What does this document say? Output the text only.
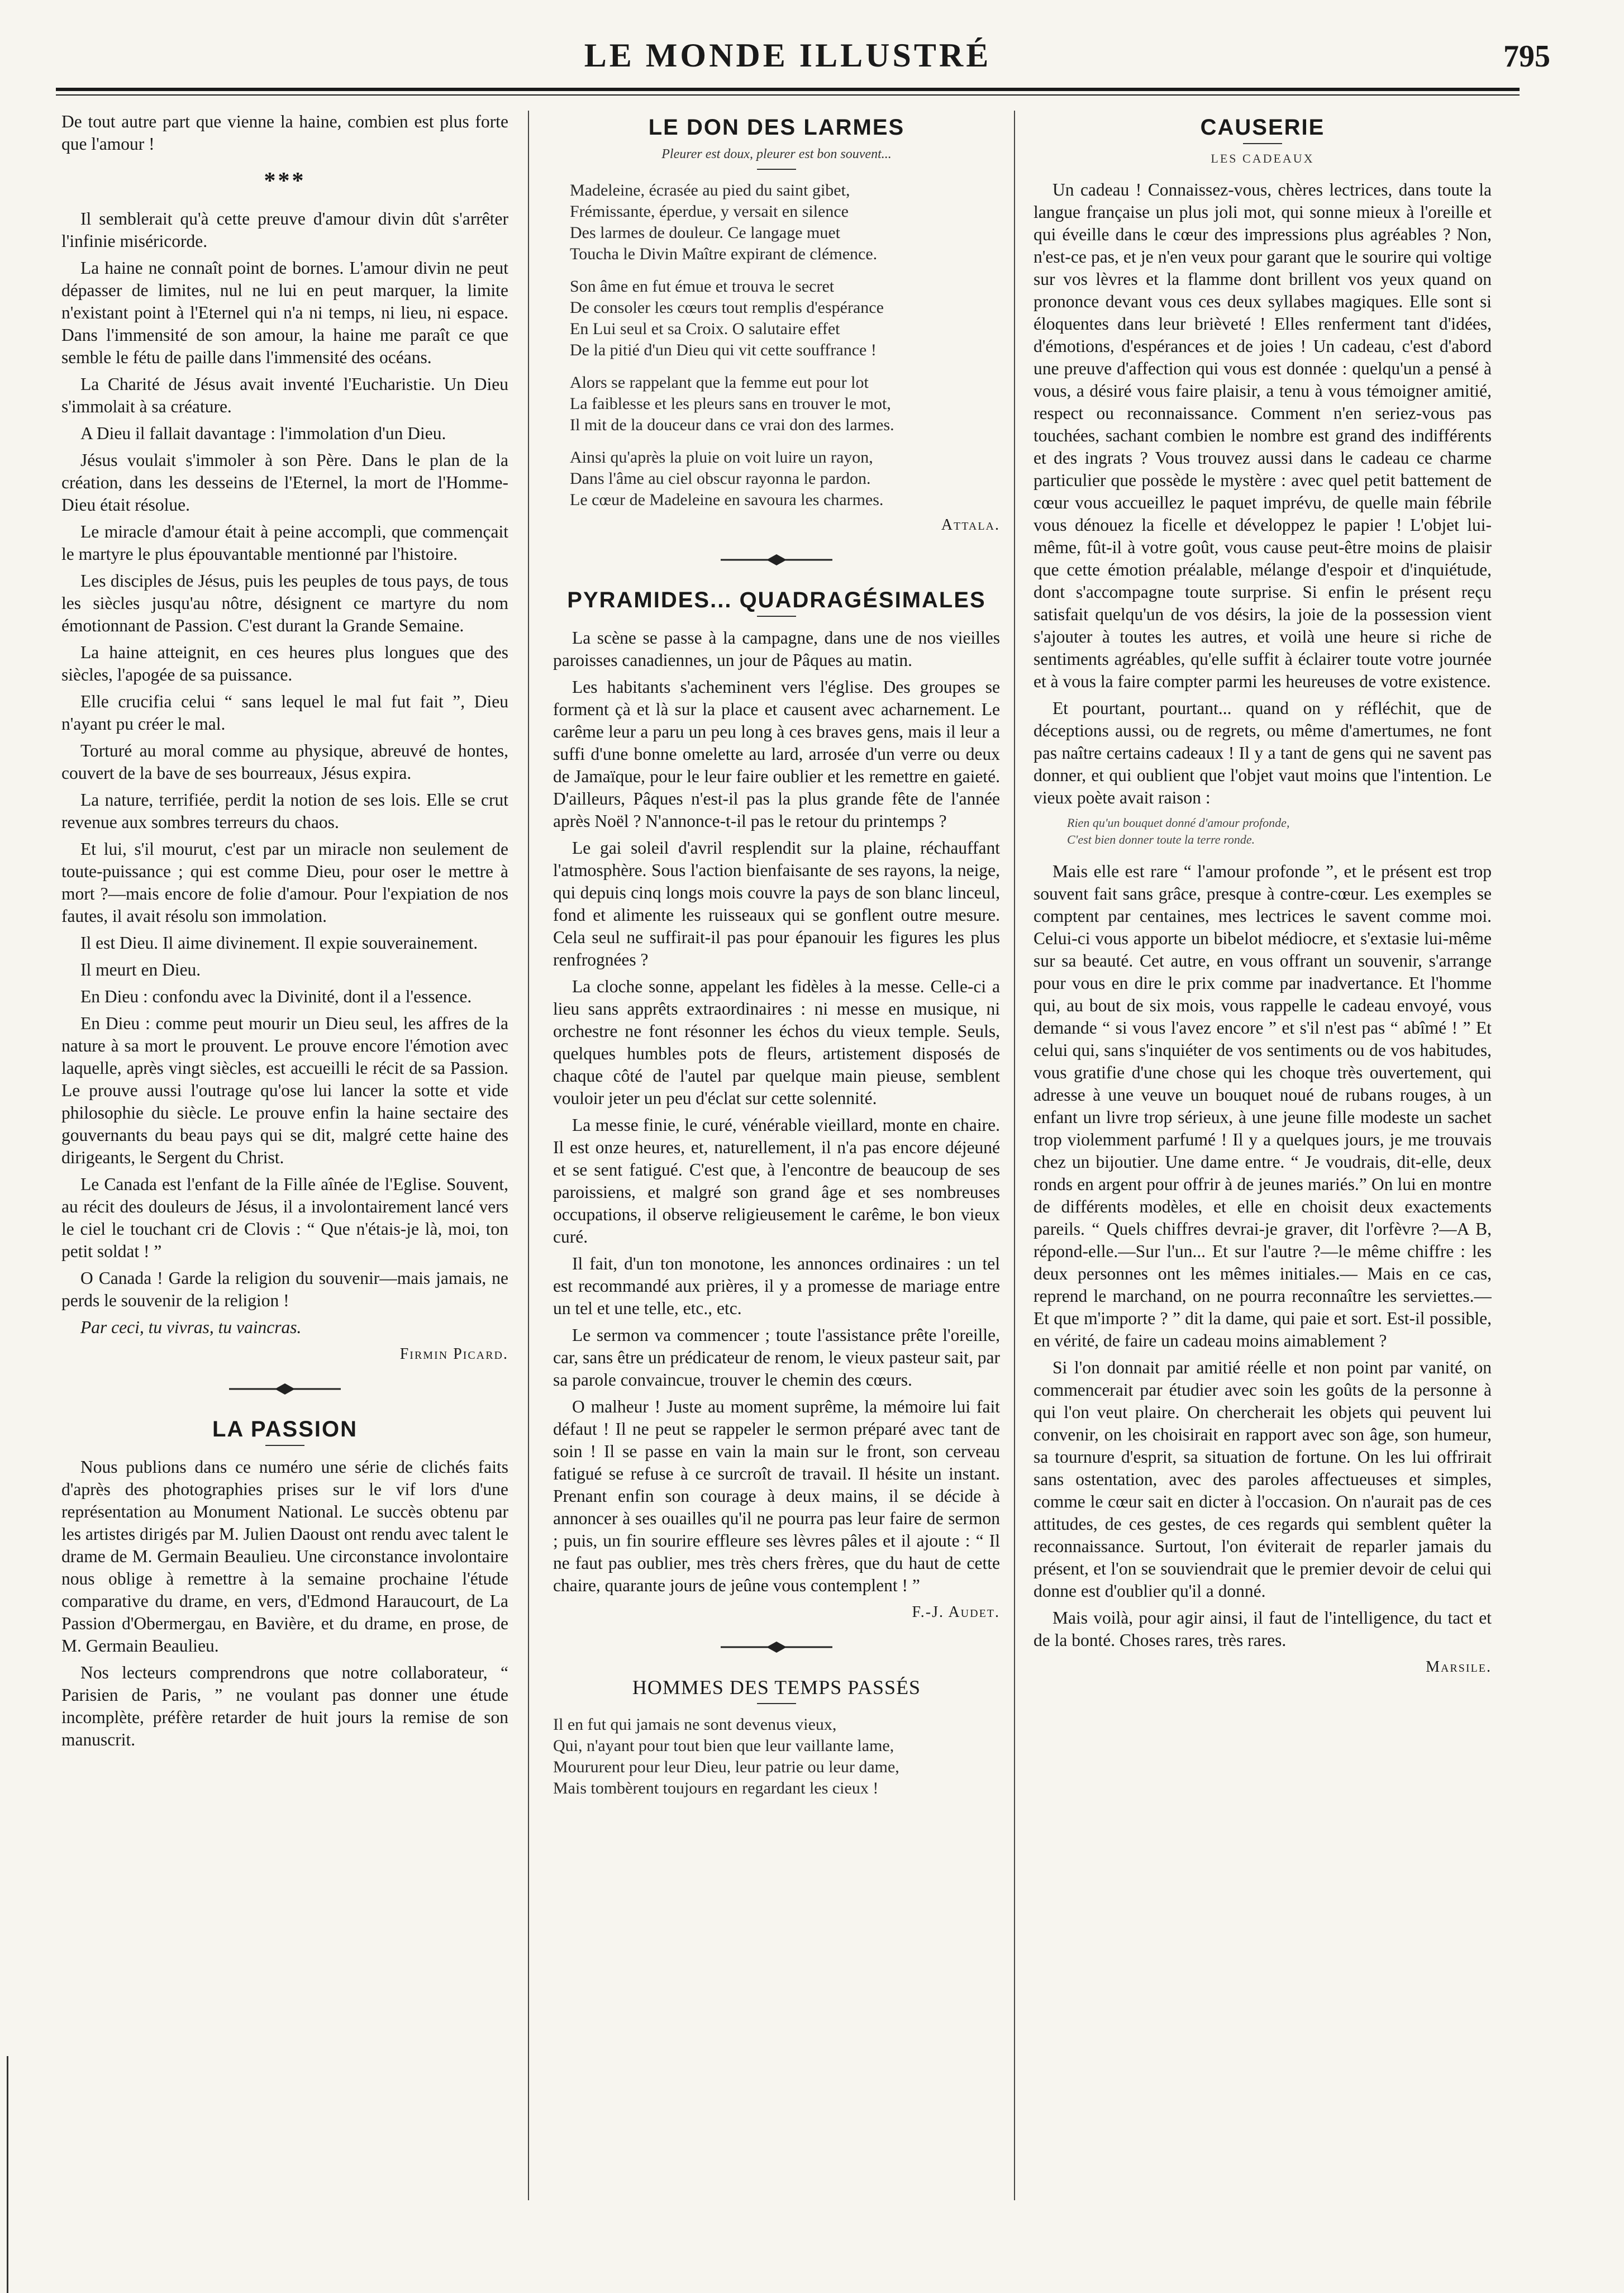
LE MONDE ILLUSTRÉ	795

De tout autre part que vienne la haine, combien est plus forte que l'amour !

***

Il semblerait qu'à cette preuve d'amour divin dût s'arrêter l'infinie miséricorde.

La haine ne connaît point de bornes. L'amour divin ne peut dépasser de limites, nul ne lui en peut marquer, la limite n'existant point à l'Eternel qui n'a ni temps, ni lieu, ni espace. Dans l'immensité de son amour, la haine me paraît ce que semble le fétu de paille dans l'immensité des océans.

La Charité de Jésus avait inventé l'Eucharistie. Un Dieu s'immolait à sa créature.

A Dieu il fallait davantage : l'immolation d'un Dieu.

Jésus voulait s'immoler à son Père. Dans le plan de la création, dans les desseins de l'Eternel, la mort de l'Homme-Dieu était résolue.

Le miracle d'amour était à peine accompli, que commençait le martyre le plus épouvantable mentionné par l'histoire.

Les disciples de Jésus, puis les peuples de tous pays, de tous les siècles jusqu'au nôtre, désignent ce martyre du nom émotionnant de Passion. C'est durant la Grande Semaine.

La haine atteignit, en ces heures plus longues que des siècles, l'apogée de sa puissance.

Elle crucifia celui “ sans lequel le mal fut fait ”, Dieu n'ayant pu créer le mal.

Torturé au moral comme au physique, abreuvé de hontes, couvert de la bave de ses bourreaux, Jésus expira.

La nature, terrifiée, perdit la notion de ses lois. Elle se crut revenue aux sombres terreurs du chaos.

Et lui, s'il mourut, c'est par un miracle non seulement de toute-puissance ; qui est comme Dieu, pour oser le mettre à mort ?—mais encore de folie d'amour. Pour l'expiation de nos fautes, il avait résolu son immolation.

Il est Dieu. Il aime divinement. Il expie souverainement.

Il meurt en Dieu.

En Dieu : confondu avec la Divinité, dont il a l'essence.

En Dieu : comme peut mourir un Dieu seul, les affres de la nature à sa mort le prouvent. Le prouve encore l'émotion avec laquelle, après vingt siècles, est accueilli le récit de sa Passion. Le prouve aussi l'outrage qu'ose lui lancer la sotte et vide philosophie du siècle. Le prouve enfin la haine sectaire des gouvernants du beau pays qui se dit, malgré cette haine des dirigeants, le Sergent du Christ.

Le Canada est l'enfant de la Fille aînée de l'Eglise. Souvent, au récit des douleurs de Jésus, il a involontairement lancé vers le ciel le touchant cri de Clovis : “ Que n'étais-je là, moi, ton petit soldat ! ”

O Canada ! Garde la religion du souvenir—mais jamais, ne perds le souvenir de la religion !

Par ceci, tu vivras, tu vaincras.

Firmin Picard.
LA PASSION

Nous publions dans ce numéro une série de clichés faits d'après des photographies prises sur le vif lors d'une représentation au Monument National. Le succès obtenu par les artistes dirigés par M. Julien Daoust ont rendu avec talent le drame de M. Germain Beaulieu. Une circonstance involontaire nous oblige à remettre à la semaine prochaine l'étude comparative du drame, en vers, d'Edmond Haraucourt, de La Passion d'Obermergau, en Bavière, et du drame, en prose, de M. Germain Beaulieu.

Nos lecteurs comprendrons que notre collaborateur, “ Parisien de Paris, ” ne voulant pas donner une étude incomplète, préfère retarder de huit jours la remise de son manuscrit.

LE DON DES LARMES
Pleurer est doux, pleurer est bon souvent...
Madeleine, écrasée au pied du saint gibet,
Frémissante, éperdue, y versait en silence
Des larmes de douleur. Ce langage muet
Toucha le Divin Maître expirant de clémence.
Son âme en fut émue et trouva le secret
De consoler les cœurs tout remplis d'espérance
En Lui seul et sa Croix. O salutaire effet
De la pitié d'un Dieu qui vit cette souffrance !
Alors se rappelant que la femme eut pour lot
La faiblesse et les pleurs sans en trouver le mot,
Il mit de la douceur dans ce vrai don des larmes.
Ainsi qu'après la pluie on voit luire un rayon,
Dans l'âme au ciel obscur rayonna le pardon.
Le cœur de Madeleine en savoura les charmes.
Attala.
PYRAMIDES... QUADRAGÉSIMALES

La scène se passe à la campagne, dans une de nos vieilles paroisses canadiennes, un jour de Pâques au matin.

Les habitants s'acheminent vers l'église. Des groupes se forment çà et là sur la place et causent avec acharnement. Le carême leur a paru un peu long à ces braves gens, mais il leur a suffi d'une bonne omelette au lard, arrosée d'un verre ou deux de Jamaïque, pour le leur faire oublier et les remettre en gaieté. D'ailleurs, Pâques n'est-il pas la plus grande fête de l'année après Noël ? N'annonce-t-il pas le retour du printemps ?

Le gai soleil d'avril resplendit sur la plaine, réchauffant l'atmosphère. Sous l'action bienfaisante de ses rayons, la neige, qui depuis cinq longs mois couvre la pays de son blanc linceul, fond et alimente les ruisseaux qui se gonflent outre mesure. Cela seul ne suffirait-il pas pour épanouir les figures les plus renfrognées ?

La cloche sonne, appelant les fidèles à la messe. Celle-ci a lieu sans apprêts extraordinaires : ni messe en musique, ni orchestre ne font résonner les échos du vieux temple. Seuls, quelques humbles pots de fleurs, artistement disposés de chaque côté de l'autel par quelque main pieuse, semblent vouloir jeter un peu d'éclat sur cette solennité.

La messe finie, le curé, vénérable vieillard, monte en chaire. Il est onze heures, et, naturellement, il n'a pas encore déjeuné et se sent fatigué. C'est que, à l'encontre de beaucoup de ses paroissiens, et malgré son grand âge et ses nombreuses occupations, il observe religieusement le carême, le bon vieux curé.

Il fait, d'un ton monotone, les annonces ordinaires : un tel est recommandé aux prières, il y a promesse de mariage entre un tel et une telle, etc., etc.

Le sermon va commencer ; toute l'assistance prête l'oreille, car, sans être un prédicateur de renom, le vieux pasteur sait, par sa parole convaincue, trouver le chemin des cœurs.

O malheur ! Juste au moment suprême, la mémoire lui fait défaut ! Il ne peut se rappeler le sermon préparé avec tant de soin ! Il se passe en vain la main sur le front, son cerveau fatigué se refuse à ce surcroît de travail. Il hésite un instant. Prenant enfin son courage à deux mains, il se décide à annoncer à ses ouailles qu'il ne pourra pas leur faire de sermon ; puis, un fin sourire effleure ses lèvres pâles et il ajoute : “ Il ne faut pas oublier, mes très chers frères, que du haut de cette chaire, quarante jours de jeûne vous contemplent ! ”

F.-J. Audet.
HOMMES DES TEMPS PASSÉS
Il en fut qui jamais ne sont devenus vieux,
Qui, n'ayant pour tout bien que leur vaillante lame,
Moururent pour leur Dieu, leur patrie ou leur dame,
Mais tombèrent toujours en regardant les cieux !
CAUSERIE
LES CADEAUX

Un cadeau ! Connaissez-vous, chères lectrices, dans toute la langue française un plus joli mot, qui sonne mieux à l'oreille et qui éveille dans le cœur des impressions plus agréables ? Non, n'est-ce pas, et je n'en veux pour garant que le sourire qui voltige sur vos lèvres et la flamme dont brillent vos yeux quand on prononce devant vous ces deux syllabes magiques. Elle sont si éloquentes dans leur brièveté ! Elles renferment tant d'idées, d'émotions, d'espérances et de joies ! Un cadeau, c'est d'abord une preuve d'affection qui vous est donnée : quelqu'un a pensé à vous, a désiré vous faire plaisir, a tenu à vous témoigner amitié, respect ou reconnaissance. Comment n'en seriez-vous pas touchées, sachant combien le nombre est grand des indifférents et des ingrats ? Vous trouvez aussi dans le cadeau ce charme particulier que possède le mystère : avec quel petit battement de cœur vous accueillez le paquet imprévu, de quelle main fébrile vous dénouez la ficelle et développez le papier ! L'objet lui-même, fût-il à votre goût, vous cause peut-être moins de plaisir que cette émotion préalable, mélange d'espoir et d'inquiétude, dont s'accompagne toute surprise. Si enfin le présent reçu satisfait quelqu'un de vos désirs, la joie de la possession vient s'ajouter à toutes les autres, et voilà une heure si riche de sentiments agréables, qu'elle suffit à éclairer toute votre journée et à vous la faire compter parmi les heureuses de votre existence.

Et pourtant, pourtant... quand on y réfléchit, que de déceptions aussi, ou de regrets, ou même d'amertumes, ne font pas naître certains cadeaux ! Il y a tant de gens qui ne savent pas donner, et qui oublient que l'objet vaut moins que l'intention. Le vieux poète avait raison :

Rien qu'un bouquet donné d'amour profonde,
C'est bien donner toute la terre ronde.

Mais elle est rare “ l'amour profonde ”, et le présent est trop souvent fait sans grâce, presque à contre-cœur. Les exemples se comptent par centaines, mes lectrices le savent comme moi. Celui-ci vous apporte un bibelot médiocre, et s'extasie lui-même sur sa beauté. Cet autre, en vous offrant un souvenir, s'arrange pour vous en dire le prix comme par inadvertance. Et l'homme qui, au bout de six mois, vous rappelle le cadeau envoyé, vous demande “ si vous l'avez encore ” et s'il n'est pas “ abîmé ! ” Et celui qui, sans s'inquiéter de vos sentiments ou de vos habitudes, vous gratifie d'une chose qui les choque très ouvertement, qui adresse à une veuve un bouquet noué de rubans rouges, à un enfant un livre trop sérieux, à une jeune fille modeste un sachet trop violemment parfumé ! Il y a quelques jours, je me trouvais chez un bijoutier. Une dame entre. “ Je voudrais, dit-elle, deux ronds en argent pour offrir à de jeunes mariés.” On lui en montre de différents modèles, et elle en choisit deux exactements pareils. “ Quels chiffres devrai-je graver, dit l'orfèvre ?—A B, répond-elle.—Sur l'un... Et sur l'autre ?—le même chiffre : les deux personnes ont les mêmes initiales.— Mais en ce cas, reprend le marchand, on ne pourra reconnaître les serviettes.—Et que m'importe ? ” dit la dame, qui paie et sort. Est-il possible, en vérité, de faire un cadeau moins aimablement ?

Si l'on donnait par amitié réelle et non point par vanité, on commencerait par étudier avec soin les goûts de la personne à qui l'on veut plaire. On chercherait les objets qui peuvent lui convenir, on les choisirait en rapport avec son âge, son humeur, sa tournure d'esprit, sa situation de fortune. On les lui offrirait sans ostentation, avec des paroles affectueuses et simples, comme le cœur sait en dicter à l'occasion. On n'aurait pas de ces attitudes, de ces gestes, de ces regards qui semblent quêter la reconnaissance. Surtout, l'on éviterait de reparler jamais du présent, et l'on se souviendrait que le premier devoir de celui qui donne est d'oublier qu'il a donné.

Mais voilà, pour agir ainsi, il faut de l'intelligence, du tact et de la bonté. Choses rares, très rares.

Marsile.
